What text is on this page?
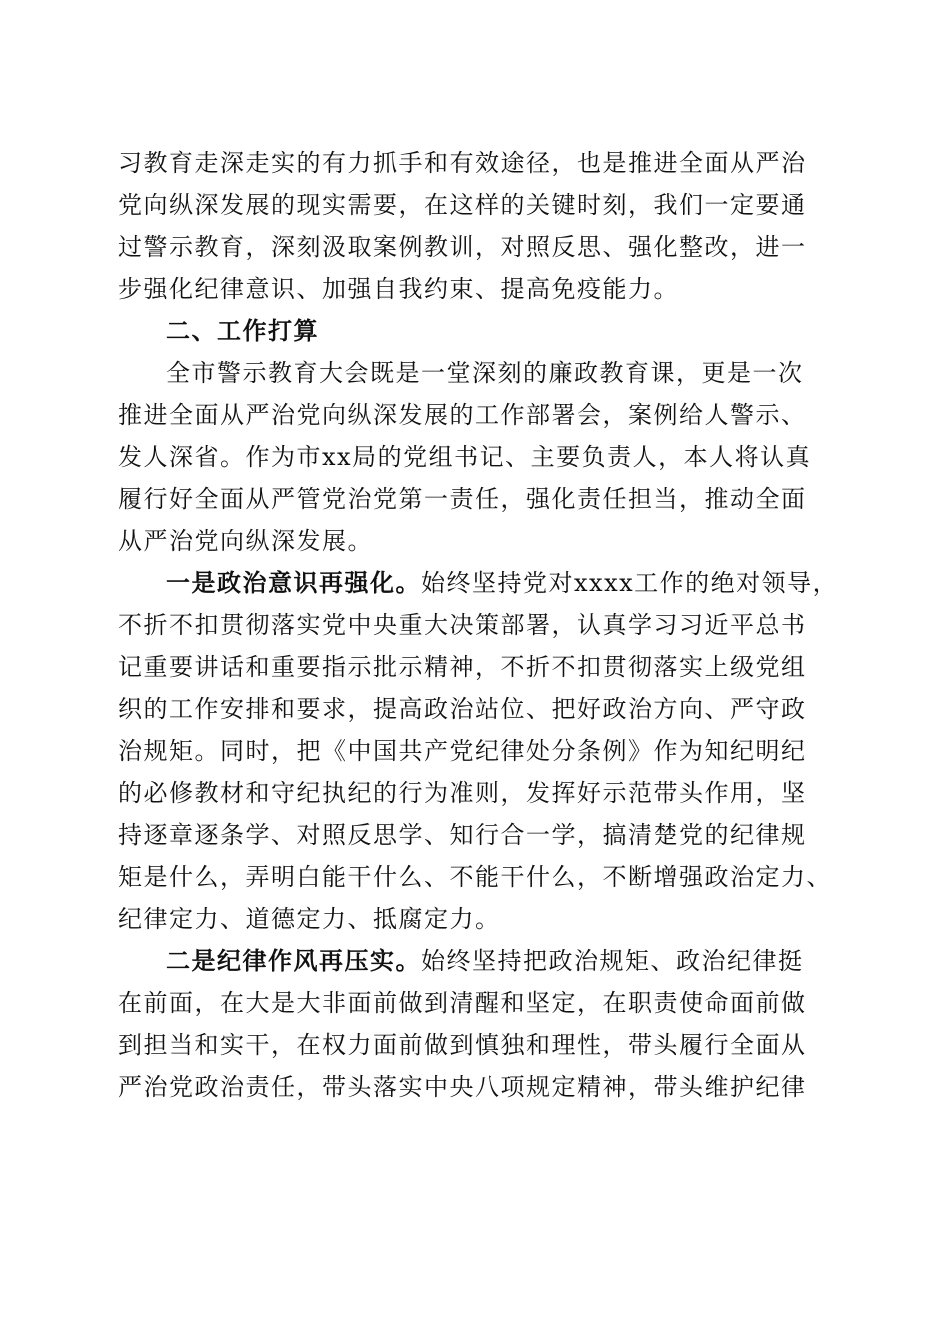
习教育走深走实的有力抓手和有效途径，也是推进全面从严治
党向纵深发展的现实需要，在这样的关键时刻，我们一定要通
过警示教育，深刻汲取案例教训，对照反思、强化整改，进一
步强化纪律意识、加强自我约束、提高免疫能力。
二、工作打算
全市警示教育大会既是一堂深刻的廉政教育课，更是一次
推进全面从严治党向纵深发展的工作部署会，案例给人警示、
发人深省。作为市xx局的党组书记、主要负责人，本人将认真
履行好全面从严管党治党第一责任，强化责任担当，推动全面
从严治党向纵深发展。
一是政治意识再强化。始终坚持党对xxxx工作的绝对领导，
不折不扣贯彻落实党中央重大决策部署，认真学习习近平总书
记重要讲话和重要指示批示精神，不折不扣贯彻落实上级党组
织的工作安排和要求，提高政治站位、把好政治方向、严守政
治规矩。同时，把《中国共产党纪律处分条例》作为知纪明纪
的必修教材和守纪执纪的行为准则，发挥好示范带头作用，坚
持逐章逐条学、对照反思学、知行合一学，搞清楚党的纪律规
矩是什么，弄明白能干什么、不能干什么，不断增强政治定力、
纪律定力、道德定力、抵腐定力。
二是纪律作风再压实。始终坚持把政治规矩、政治纪律挺
在前面，在大是大非面前做到清醒和坚定，在职责使命面前做
到担当和实干，在权力面前做到慎独和理性，带头履行全面从
严治党政治责任，带头落实中央八项规定精神，带头维护纪律
